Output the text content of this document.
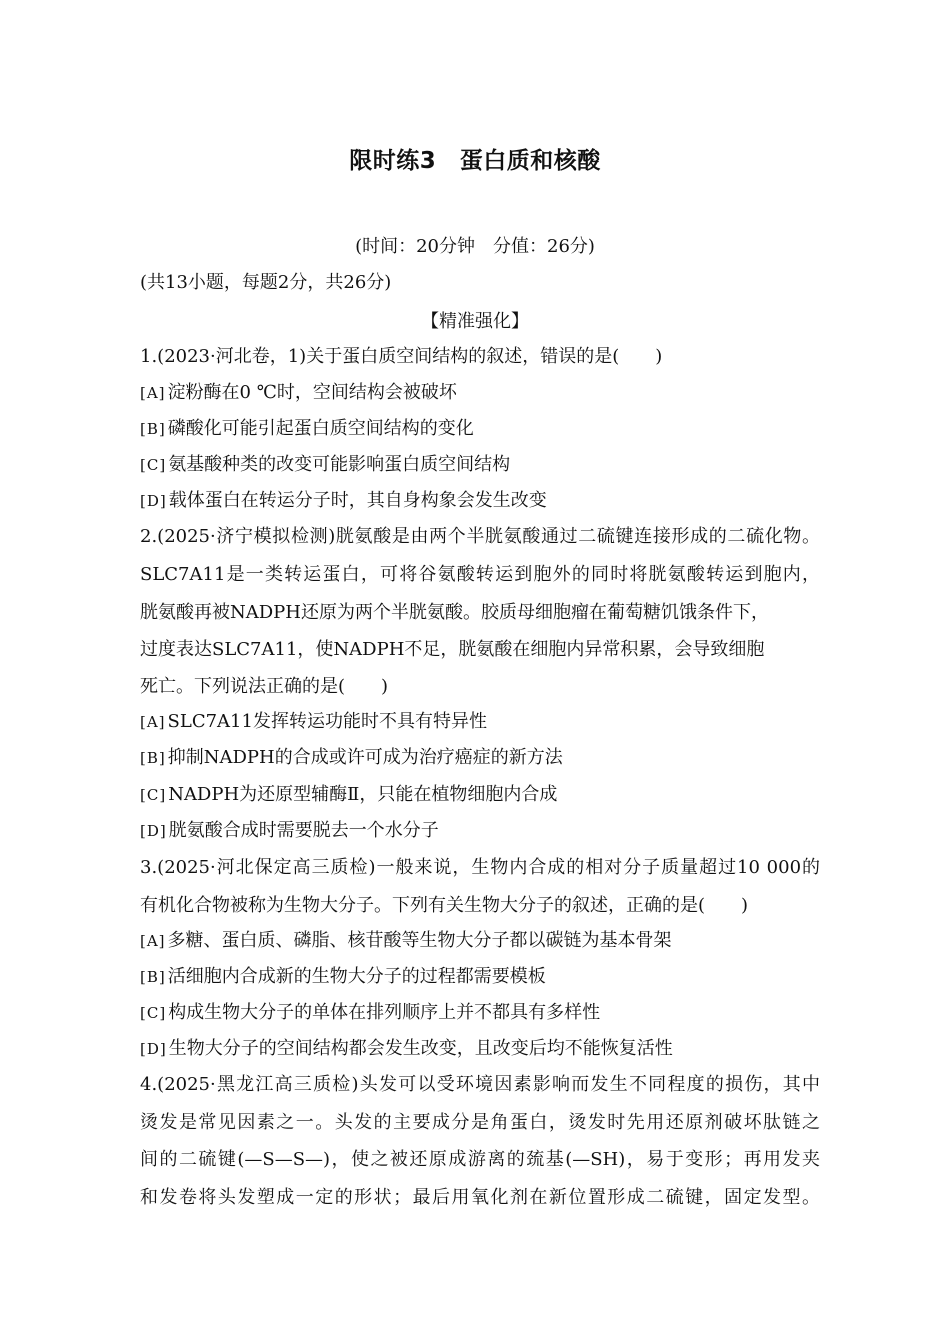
限时练3　蛋白质和核酸
(时间：20分钟　分值：26分)
(共13小题，每题2分，共26分)
【精准强化】
1.(2023·河北卷，1)关于蛋白质空间结构的叙述，错误的是(　　)
[A] 淀粉酶在0 ℃时，空间结构会被破坏
[B] 磷酸化可能引起蛋白质空间结构的变化
[C] 氨基酸种类的改变可能影响蛋白质空间结构
[D] 载体蛋白在转运分子时，其自身构象会发生改变
2.(2025·济宁模拟检测)胱氨酸是由两个半胱氨酸通过二硫键连接形成的二硫化物。
SLC7A11是一类转运蛋白，可将谷氨酸转运到胞外的同时将胱氨酸转运到胞内，
胱氨酸再被NADPH还原为两个半胱氨酸。胶质母细胞瘤在葡萄糖饥饿条件下，
过度表达SLC7A11，使NADPH不足，胱氨酸在细胞内异常积累，会导致细胞
死亡。下列说法正确的是(　　)
[A] SLC7A11发挥转运功能时不具有特异性
[B] 抑制NADPH的合成或许可成为治疗癌症的新方法
[C] NADPH为还原型辅酶Ⅱ，只能在植物细胞内合成
[D] 胱氨酸合成时需要脱去一个水分子
3.(2025·河北保定高三质检)一般来说，生物内合成的相对分子质量超过10 000的
有机化合物被称为生物大分子。下列有关生物大分子的叙述，正确的是(　　)
[A] 多糖、蛋白质、磷脂、核苷酸等生物大分子都以碳链为基本骨架
[B] 活细胞内合成新的生物大分子的过程都需要模板
[C] 构成生物大分子的单体在排列顺序上并不都具有多样性
[D] 生物大分子的空间结构都会发生改变，且改变后均不能恢复活性
4.(2025·黑龙江高三质检)头发可以受环境因素影响而发生不同程度的损伤，其中
烫发是常见因素之一。头发的主要成分是角蛋白，烫发时先用还原剂破坏肽链之
间的二硫键(—S—S—)，使之被还原成游离的巯基(—SH)，易于变形；再用发夹
和发卷将头发塑成一定的形状；最后用氧化剂在新位置形成二硫键，固定发型。
